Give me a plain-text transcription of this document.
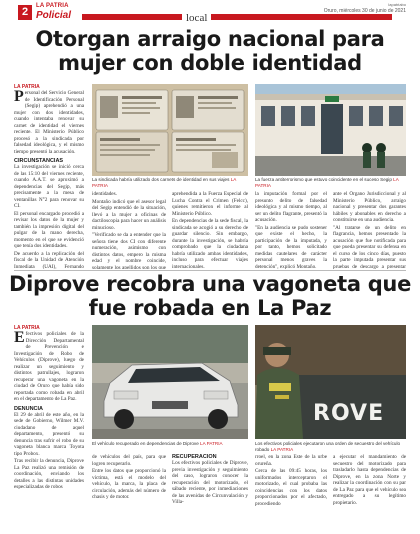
2	LA PATRIA
Policial	local
lapatriabo
Oruro, miércoles 30 de junio de 2021
Otorgan arraigo nacional para mujer con doble identidad
LA PATRIA

Personal del Servicio General de Identificación Personal (Segip) aprehendió a una mujer con dos identidades, cuando intentaba renovar su carnet de identidad el viernes reciente. El Ministerio Público procesó a la sindicada por falsedad ideológica, y el mismo tiempo presentó la acusación.

CIRCUNSTANCIAS

La investigación se inició cerca de las 15:10 del viernes reciente, cuando A.A.T. se aproximó a dependencias del Segip, más precisamente a la mesa de ventanillas N°2 para renovar su CI.

El personal encargado procedió a revisar los datos de la mujer y también la impresión digital del pulgar de la mano derecha, momento en el que se evidenció que tenía dos identidades.

De acuerdo a la replicación del fiscal de la Unidad de Atención Inmediata (UAI), Fernando

La sindicada habría utilizado dos carnets de identidad en sus viajes LA PATRIA
La fuerza antiterrorismo que estuvo coincidente en el suceso Segip LA PATRIA

identidades.

Montaño indicó que el asesor legal del Segip entendió de la situación, llevó a la mujer a oficinas de dactiloscopia para hacer un análisis minucioso.

"Verificado se da a entender que la señora tiene dos CI con diferente numeración, asimismo con distintos datos, empero la misma edad y el nombre coincide, solamente los apellidos son los que

aprehendida a la Fuerza Especial de Lucha Contra el Crimen (Felcc), quienes remitieron el informe al Ministerio Público.

En dependencias de la sede fiscal, la sindicada se acogió a su derecho de guardar silencio. Sin embargo, durante la investigación, se habría comprobado que la ciudadana habría utilizado ambas identidades, incluso para efectuar viajes internacionales.

la imputación formal por el presunto delito de falsedad ideológica y al mismo tiempo, al ser un delito flagrante, presentó la acusación.

"En la audiencia se pudo sostener que existe el hecho, la participación de la imputada, y por tanto, hemos solicitado medidas cautelares de carácter personal menos graves la detención", explicó Montaño.

ante el Órgano Jurisdiccional y al Ministerio Público, arraigo nacional y presentar dos garantes hábiles y abonables en derecho a constituirse en una audiencia.

"Al tratarse de un delito en flagrancia, hemos presentado la acusación que fue notificada para que pueda presentar su defensa en el curso de los cinco días, puesto la parte imputada presentar sus pruebas de descargo a presentar

Diprove recobra una vagoneta que fue robada en La Paz
LA PATRIA

Efectivos policiales de la Dirección Departamental de Prevención e Investigación de Robo de Vehículos (Diprove), luego de realizar un seguimiento y distintos patrullajes, lograron recuperar una vagoneta en la ciudad de Oruro que había sido reportada como robada en abril en el departamento de La Paz.

DENUNCIA

El 29 de abril de este año, en la sede de Gobierno, Wilmer M.V. ciudadano de aquel departamento, presentó su denuncia tras sufrir el robo de su vagoneta blanca marca Toyota tipo Probox.

Tras recibir la denuncia, Diprove La Paz realizó una remisión de coordinación, enviando los detalles a las distintas unidades especializadas de robos

El vehículo recuperado en dependencias de Diprove LA PATRIA
ROVE
Los efectivos policiales ejecutaron una orden de secuestro del vehículo robado LA PATRIA

de vehículos del país, para que logren recuperarlo.

Entre los datos que proporcionó la víctima, está el modelo del vehículo, la marca, la placa de circulación, además del número de chasis y de motor.

RECUPERACIÓN

Los efectivos policiales de Diprove, previa investigación y seguimiento del caso, lograron conocer la recuperación del motorizado, el sábado reciente, por inmediaciones de las avenidas de Circunvalación y Villa-

rroel, en la zona Este de la urbe orureña.

Cerca de las 09:45 horas, los uniformados interceptaron el motorizado, el cual probaba las coincidencias con los datos proporcionados por el afectado, procediendo

a ejecutar el mandamiento de secuestro del motorizado para trasladarlo hasta dependencias de Diprove, en la zona Norte y realizar la coordinación con su par de La Paz para que el vehículo sea entregado a su legítimo propietario.
